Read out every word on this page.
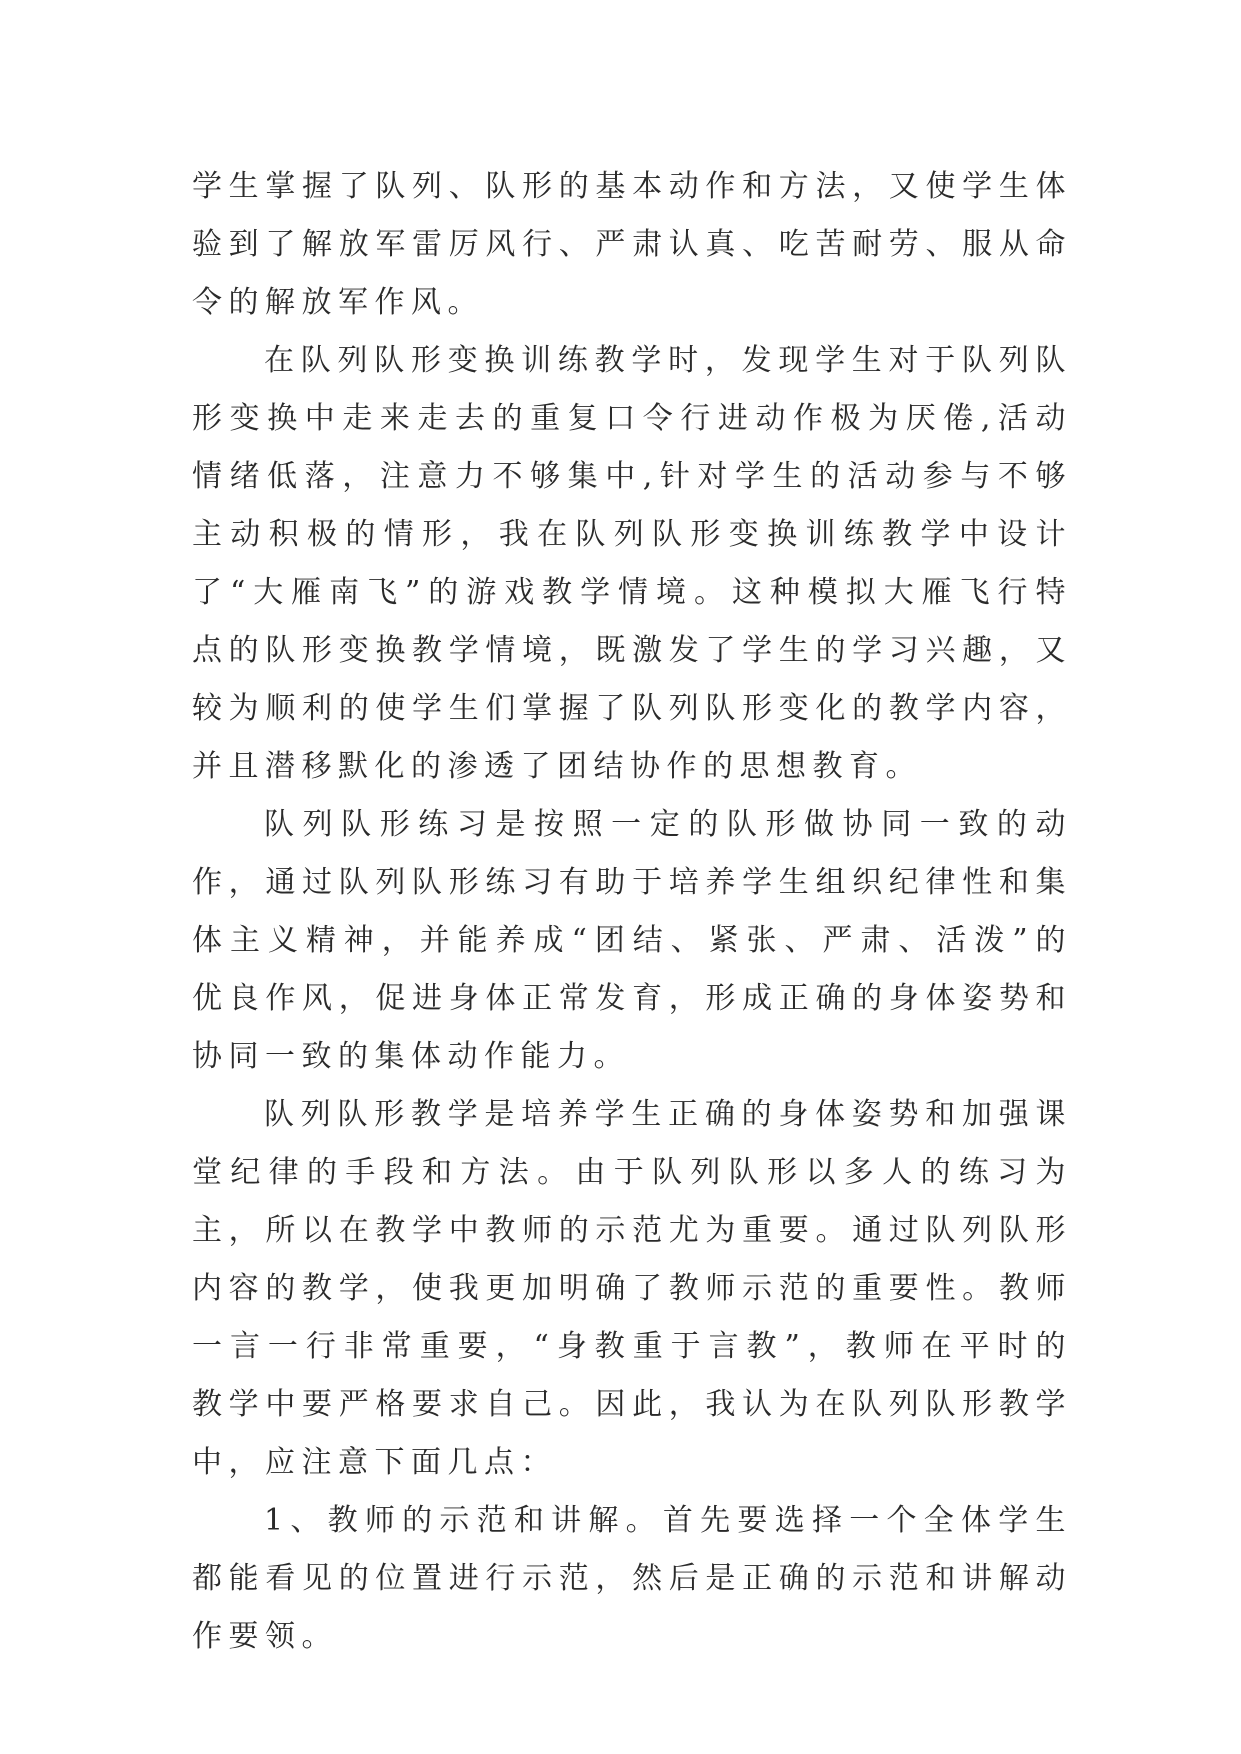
学生掌握了队列、队形的基本动作和方法，又使学生体验到了解放军雷厉风行、严肃认真、吃苦耐劳、服从命令的解放军作风。

在队列队形变换训练教学时，发现学生对于队列队形变换中走来走去的重复口令行进动作极为厌倦,活动情绪低落，注意力不够集中,针对学生的活动参与不够主动积极的情形，我在队列队形变换训练教学中设计了“大雁南飞”的游戏教学情境。这种模拟大雁飞行特点的队形变换教学情境，既激发了学生的学习兴趣，又较为顺利的使学生们掌握了队列队形变化的教学内容，并且潜移默化的渗透了团结协作的思想教育。

队列队形练习是按照一定的队形做协同一致的动作，通过队列队形练习有助于培养学生组织纪律性和集体主义精神，并能养成“团结、紧张、严肃、活泼”的优良作风，促进身体正常发育，形成正确的身体姿势和协同一致的集体动作能力。

队列队形教学是培养学生正确的身体姿势和加强课堂纪律的手段和方法。由于队列队形以多人的练习为主，所以在教学中教师的示范尤为重要。通过队列队形内容的教学，使我更加明确了教师示范的重要性。教师一言一行非常重要，“身教重于言教”，教师在平时的教学中要严格要求自己。因此，我认为在队列队形教学中，应注意下面几点：

1、教师的示范和讲解。首先要选择一个全体学生都能看见的位置进行示范，然后是正确的示范和讲解动作要领。
